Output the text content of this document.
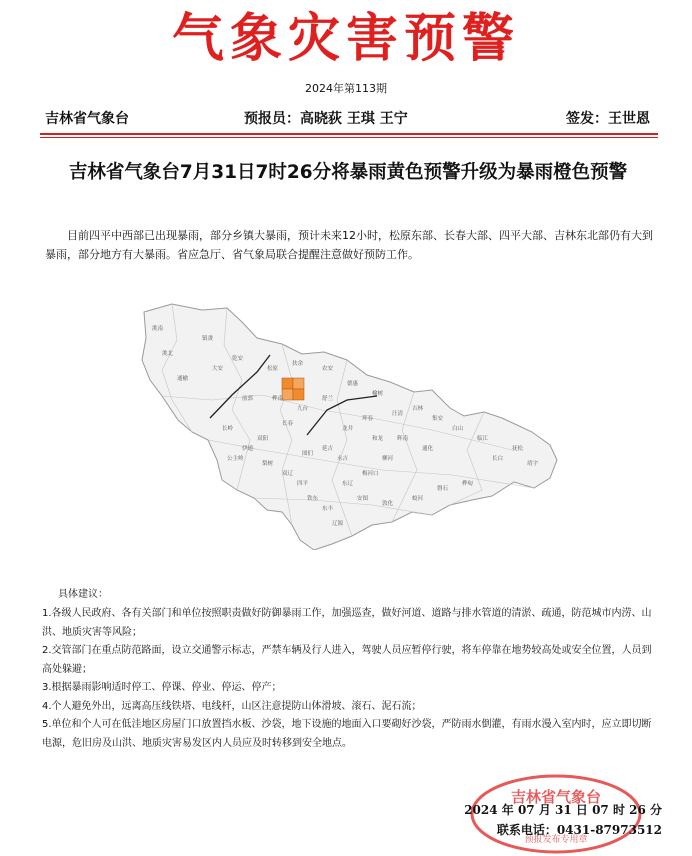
气象灾害预警
2024年第113期
吉林省气象台	预报员：高晓荻 王琪 王宁	签发：王世恩
吉林省气象台7月31日7时26分将暴雨黄色预警升级为暴雨橙色预警
目前四平中西部已出现暴雨，部分乡镇大暴雨，预计未来12小时，松原东部、长春大部、四平大部、吉林东北部仍有大到暴雨，部分地方有大暴雨。省应急厅、省气象局联合提醒注意做好预防工作。
洮南
洮北
通榆
镇赉
大安
乾安
前郭
长岭
松原
扶余
农安
德惠
榆树
舒兰
九台
长春
双阳
伊通
公主岭
梨树
双辽
四平
铁东
东丰
辽源
东辽
梅河口
柳河
辉南
通化
集安
白山
临江
长白
抚松
靖宇
桦甸
磐石
蛟河
敦化
安图
和龙
龙井
延吉
图们
珲春
汪清
吉林
永吉
桦南
具体建议：
1.各级人民政府、各有关部门和单位按照职责做好防御暴雨工作，加强巡查，做好河道、道路与排水管道的清淤、疏通，防范城市内涝、山洪、地质灾害等风险；
2.交管部门在重点防范路面，设立交通警示标志，严禁车辆及行人进入，驾驶人员应暂停行驶，将车停靠在地势较高处或安全位置，人员到高处躲避；
3.根据暴雨影响适时停工、停课、停业、停运、停产；
4.个人避免外出，远离高压线铁塔、电线杆，山区注意提防山体滑坡、滚石、泥石流；
5.单位和个人可在低洼地区房屋门口放置挡水板、沙袋，地下设施的地面入口要砌好沙袋，严防雨水倒灌，有雨水漫入室内时，应立即切断电源，危旧房及山洪、地质灾害易发区内人员应及时转移到安全地点。
吉林省气象台
预报发布专用章
2024 年 07 月 31 日 07 时 26 分
联系电话：0431-87973512
